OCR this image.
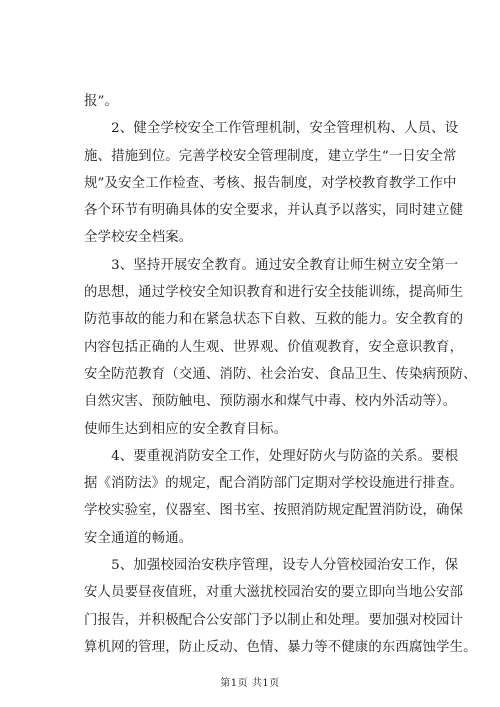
报”。
　　2、健全学校安全工作管理机制，安全管理机构、人员、设
施、措施到位。完善学校安全管理制度，建立学生“一日安全常
规”及安全工作检查、考核、报告制度，对学校教育教学工作中
各个环节有明确具体的安全要求，并认真予以落实，同时建立健
全学校安全档案。
　　3、坚持开展安全教育。通过安全教育让师生树立安全第一
的思想，通过学校安全知识教育和进行安全技能训练，提高师生
防范事故的能力和在紧急状态下自救、互救的能力。安全教育的
内容包括正确的人生观、世界观、价值观教育，安全意识教育，
安全防范教育（交通、消防、社会治安、食品卫生、传染病预防、
自然灾害、预防触电、预防溺水和煤气中毒、校内外活动等）。
使师生达到相应的安全教育目标。
　　4、要重视消防安全工作，处理好防火与防盗的关系。要根
据《消防法》的规定，配合消防部门定期对学校设施进行排查。
学校实验室，仪器室、图书室、按照消防规定配置消防设，确保
安全通道的畅通。
　　5、加强校园治安秩序管理，设专人分管校园治安工作，保
安人员要昼夜值班，对重大滋扰校园治安的要立即向当地公安部
门报告，并积极配合公安部门予以制止和处理。要加强对校园计
算机网的管理，防止反动、色情、暴力等不健康的东西腐蚀学生。
第1页 共1页
